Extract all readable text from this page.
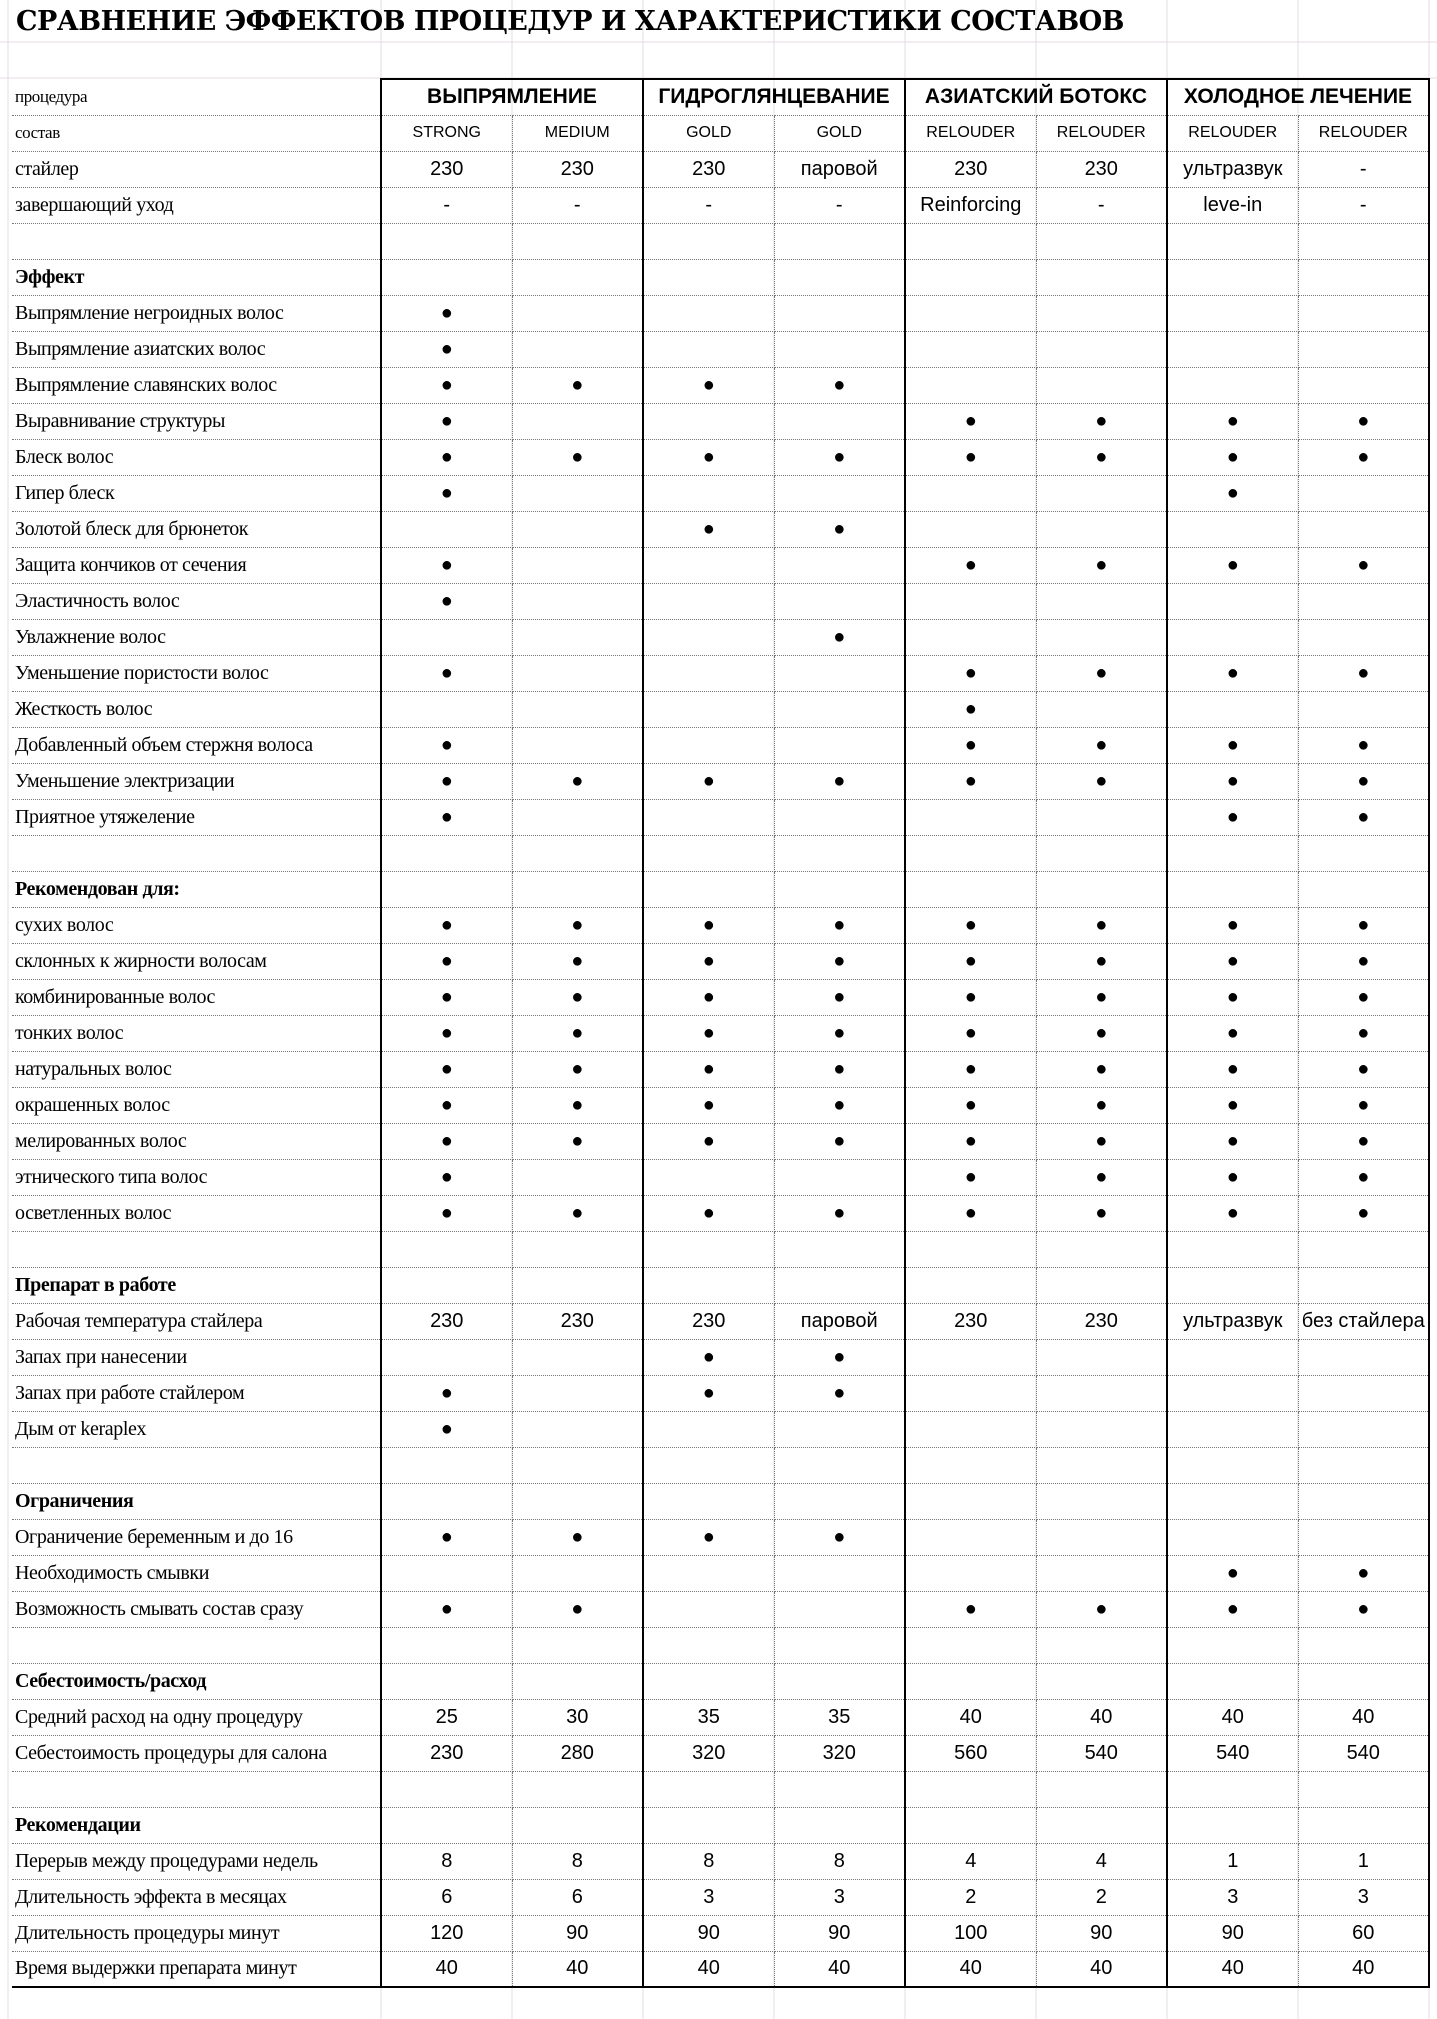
СРАВНЕНИЕ ЭФФЕКТОВ ПРОЦЕДУР И ХАРАКТЕРИСТИКИ СОСТАВОВ
процедура	ВЫПРЯМЛЕНИЕ		ГИДРОГЛЯНЦЕВАНИЕ		АЗИАТСКИЙ БОТОКС		ХОЛОДНОЕ ЛЕЧЕНИЕ	
состав	STRONG	MEDIUM	GOLD	GOLD	RELOUDER	RELOUDER	RELOUDER	RELOUDER
стайлер	230	230	230	паровой	230	230	ультразвук	-
завершающий уход	-	-	-	-	Reinforcing	-	leve-in	-

Эффект								
Выпрямление негроидных волос	●							
Выпрямление азиатских волос	●							
Выпрямление славянских волос	●	●	●	●				
Выравнивание структуры	●				●	●	●	●
Блеск волос	●	●	●	●	●	●	●	●
Гипер блеск	●						●	
Золотой блеск для брюнеток			●	●				
Защита кончиков от сечения	●				●	●	●	●
Эластичность волос	●							
Увлажнение волос				●				
Уменьшение пористости волос	●				●	●	●	●
Жесткость волос					●			
Добавленный объем стержня волоса	●				●	●	●	●
Уменьшение электризации	●	●	●	●	●	●	●	●
Приятное утяжеление	●						●	●

Рекомендован для:								
сухих волос	●	●	●	●	●	●	●	●
склонных к жирности волосам	●	●	●	●	●	●	●	●
комбинированные волос	●	●	●	●	●	●	●	●
тонких волос	●	●	●	●	●	●	●	●
натуральных волос	●	●	●	●	●	●	●	●
окрашенных волос	●	●	●	●	●	●	●	●
мелированных волос	●	●	●	●	●	●	●	●
этнического типа волос	●				●	●	●	●
осветленных волос	●	●	●	●	●	●	●	●

Препарат в работе								
Рабочая температура стайлера	230	230	230	паровой	230	230	ультразвук	без стайлера
Запах при нанесении			●	●				
Запах при работе стайлером	●		●	●				
Дым от keraplex	●							

Ограничения								
Ограничение беременным и до 16	●	●	●	●				
Необходимость смывки							●	●
Возможность смывать состав сразу	●	●			●	●	●	●

Себестоимость/расход								
Средний расход на одну процедуру	25	30	35	35	40	40	40	40
Себестоимость процедуры для салона	230	280	320	320	560	540	540	540

Рекомендации								
Перерыв между процедурами недель	8	8	8	8	4	4	1	1
Длительность эффекта в месяцах	6	6	3	3	2	2	3	3
Длительность процедуры минут	120	90	90	90	100	90	90	60
Время выдержки препарата минут	40	40	40	40	40	40	40	40
